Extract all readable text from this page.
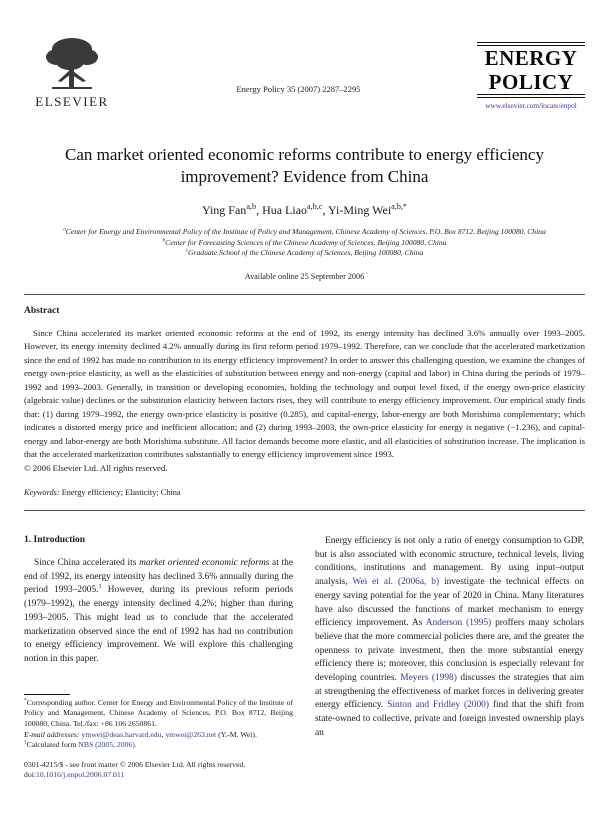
ELSEVIER
Energy Policy 35 (2007) 2287–2295
ENERGY
POLICY
www.elsevier.com/locate/enpol
Can market oriented economic reforms contribute to energy efficiency improvement? Evidence from China
Ying Fan$^{a,b}$, Hua Liao$^{a,b,c}$, Yi-Ming Wei$^{a,b,*}$
$^a$Center for Energy and Environmental Policy of the Institute of Policy and Management, Chinese Academy of Sciences, P.O. Box 8712, Beijing 100080, China
$^b$Center for Forecasting Sciences of the Chinese Academy of Sciences, Beijing 100080, China
$^c$Graduate School of the Chinese Academy of Sciences, Beijing 100080, China
Available online 25 September 2006
Abstract
Since China accelerated its market oriented economic reforms at the end of 1992, its energy intensity has declined 3.6% annually over 1993–2005. However, its energy intensity declined 4.2% annually during its first reform period 1979–1992. Therefore, can we conclude that the accelerated marketization since the end of 1992 has made no contribution to its energy efficiency improvement? In order to answer this challenging question, we examine the changes of energy own-price elasticity, as well as the elasticities of substitution between energy and non-energy (capital and labor) in China during the periods of 1979–1992 and 1993–2003. Generally, in transition or developing economies, holding the technology and output level fixed, if the energy own-price elasticity (algebraic value) declines or the substitution elasticity between factors rises, they will contribute to energy efficiency improvement. Our empirical study finds that: (1) during 1979–1992, the energy own-price elasticity is positive (0.285), and capital-energy, labor-energy are both Morishima complementary; which indicates a distorted energy price and inefficient allocation; and (2) during 1993–2003, the own-price elasticity for energy is negative (−1.236), and capital-energy and labor-energy are both Morishima substitute. All factor demands become more elastic, and all elasticities of substitution increase. The implication is that the accelerated marketization contributes substantially to energy efficiency improvement since 1993.
© 2006 Elsevier Ltd. All rights reserved.
Keywords: Energy efficiency; Elasticity; China
1. Introduction
Since China accelerated its market oriented economic reforms at the end of 1992, its energy intensity has declined 3.6% annually during the period 1993–2005.$^1$ However, during its previous reform periods (1979–1992), the energy intensity declined 4.2%; higher than during 1993–2005. This might lead us to conclude that the accelerated marketization observed since the end of 1992 has had no contribution to energy efficiency improvement. We will explore this challenging notion in this paper.
*Corresponding author. Center for Energy and Environmental Policy of the Institute of Policy and Management, Chinese Academy of Sciences, P.O. Box 8712, Beijing 100080, China. Tel./fax: +86 106 2650861.
E-mail addresses: ymwei@deas.harvard.edu, ymwei@263.net (Y.-M. Wei).
$^1$Calculated form NBS (2005, 2006).
0301-4215/$ - see front matter © 2006 Elsevier Ltd. All rights reserved.
doi:10.1016/j.enpol.2006.07.011
Energy efficiency is not only a ratio of energy consumption to GDP, but is also associated with economic structure, technical levels, living conditions, institutions and management. By using input–output analysis, Wei et al. (2006a, b) investigate the technical effects on energy saving potential for the year of 2020 in China. Many literatures have also discussed the functions of market mechanism to energy efficiency improvement. As Anderson (1995) proffers many scholars believe that the more commercial policies there are, and the greater the openness to private investment, then the more substantial energy efficiency there is; moreover, this conclusion is especially relevant for developing countries. Meyers (1998) discusses the strategies that aim at strengthening the effectiveness of market forces in delivering greater energy efficiency. Sinton and Fridley (2000) find that the shift from state-owned to collective, private and foreign invested ownership plays an
